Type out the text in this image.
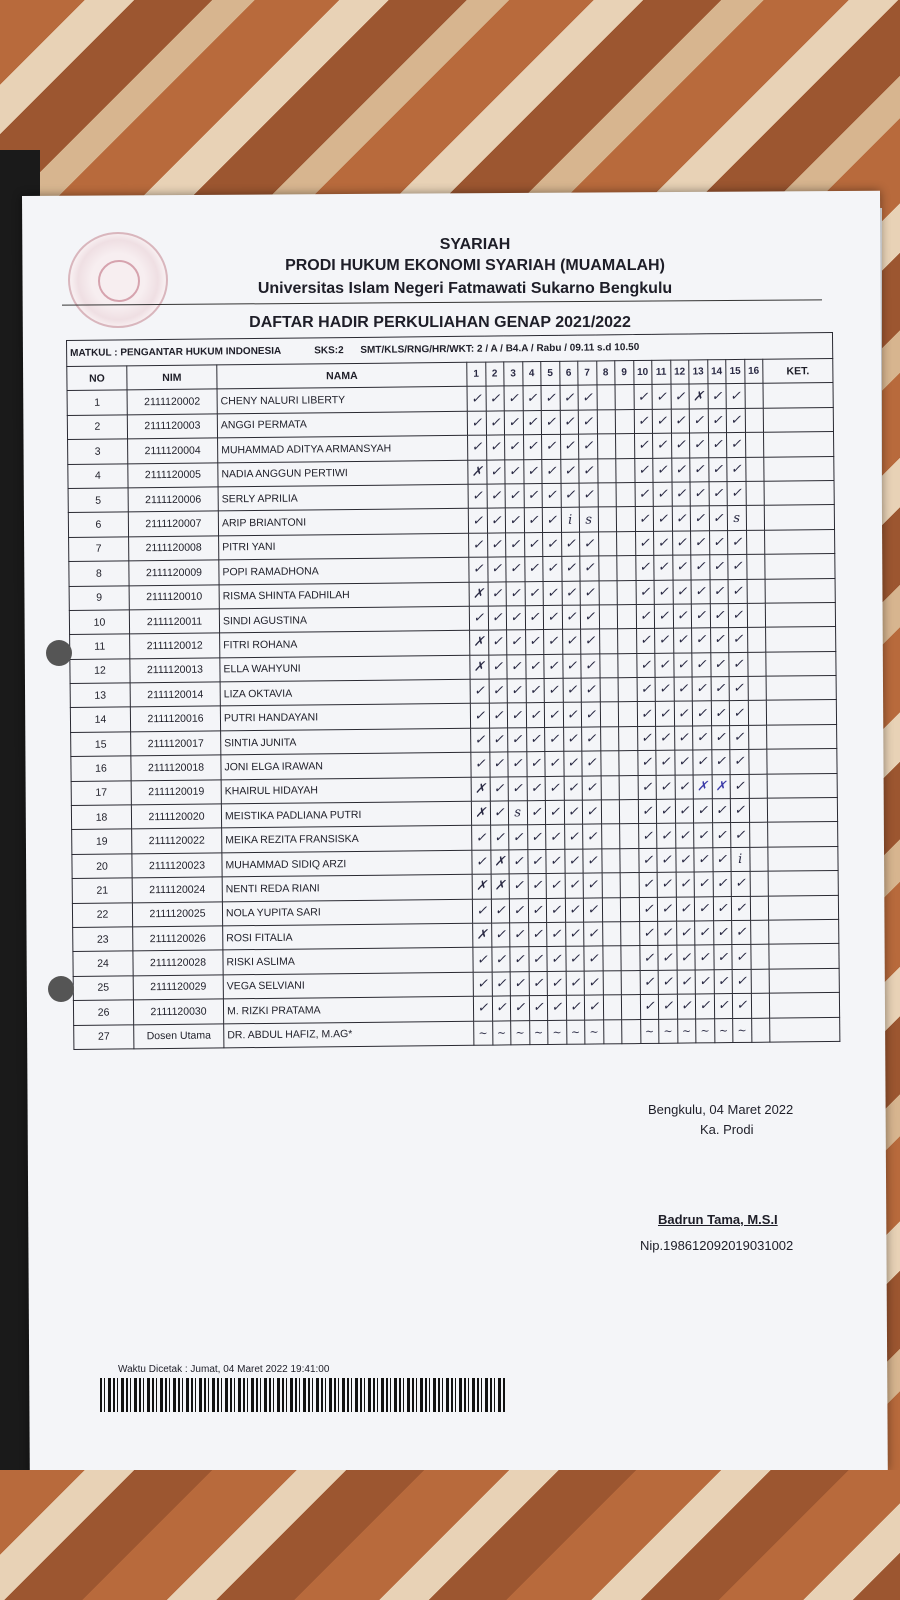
SYARIAH
PRODI HUKUM EKONOMI SYARIAH (MUAMALAH)
Universitas Islam Negeri Fatmawati Sukarno Bengkulu
DAFTAR HADIR PERKULIAHAN GENAP 2021/2022
MATKUL : PENGANTAR HUKUM INDONESIA SKS:2 SMT/KLS/RNG/HR/WKT: 2 / A / B4.A / Rabu / 09.11 s.d 10.50																			
NO	NIM	NAMA	1	2	3	4	5	6	7	8	9	10	11	12	13	14	15	16	KET.
1	2111120002	CHENY NALURI LIBERTY	✓	✓	✓	✓	✓	✓	✓			✓	✓	✓	✗	✓	✓		
2	2111120003	ANGGI PERMATA	✓	✓	✓	✓	✓	✓	✓			✓	✓	✓	✓	✓	✓		
3	2111120004	MUHAMMAD ADITYA ARMANSYAH	✓	✓	✓	✓	✓	✓	✓			✓	✓	✓	✓	✓	✓		
4	2111120005	NADIA ANGGUN PERTIWI	✗	✓	✓	✓	✓	✓	✓			✓	✓	✓	✓	✓	✓		
5	2111120006	SERLY APRILIA	✓	✓	✓	✓	✓	✓	✓			✓	✓	✓	✓	✓	✓		
6	2111120007	ARIP BRIANTONI	✓	✓	✓	✓	✓	i	s			✓	✓	✓	✓	✓	s		
7	2111120008	PITRI YANI	✓	✓	✓	✓	✓	✓	✓			✓	✓	✓	✓	✓	✓		
8	2111120009	POPI RAMADHONA	✓	✓	✓	✓	✓	✓	✓			✓	✓	✓	✓	✓	✓		
9	2111120010	RISMA SHINTA FADHILAH	✗	✓	✓	✓	✓	✓	✓			✓	✓	✓	✓	✓	✓		
10	2111120011	SINDI AGUSTINA	✓	✓	✓	✓	✓	✓	✓			✓	✓	✓	✓	✓	✓		
11	2111120012	FITRI ROHANA	✗	✓	✓	✓	✓	✓	✓			✓	✓	✓	✓	✓	✓		
12	2111120013	ELLA WAHYUNI	✗	✓	✓	✓	✓	✓	✓			✓	✓	✓	✓	✓	✓		
13	2111120014	LIZA OKTAVIA	✓	✓	✓	✓	✓	✓	✓			✓	✓	✓	✓	✓	✓		
14	2111120016	PUTRI HANDAYANI	✓	✓	✓	✓	✓	✓	✓			✓	✓	✓	✓	✓	✓		
15	2111120017	SINTIA JUNITA	✓	✓	✓	✓	✓	✓	✓			✓	✓	✓	✓	✓	✓		
16	2111120018	JONI ELGA IRAWAN	✓	✓	✓	✓	✓	✓	✓			✓	✓	✓	✓	✓	✓		
17	2111120019	KHAIRUL HIDAYAH	✗	✓	✓	✓	✓	✓	✓			✓	✓	✓	✗	✗	✓		
18	2111120020	MEISTIKA PADLIANA PUTRI	✗	✓	s	✓	✓	✓	✓			✓	✓	✓	✓	✓	✓		
19	2111120022	MEIKA REZITA FRANSISKA	✓	✓	✓	✓	✓	✓	✓			✓	✓	✓	✓	✓	✓		
20	2111120023	MUHAMMAD SIDIQ ARZI	✓	✗	✓	✓	✓	✓	✓			✓	✓	✓	✓	✓	i		
21	2111120024	NENTI REDA RIANI	✗	✗	✓	✓	✓	✓	✓			✓	✓	✓	✓	✓	✓		
22	2111120025	NOLA YUPITA SARI	✓	✓	✓	✓	✓	✓	✓			✓	✓	✓	✓	✓	✓		
23	2111120026	ROSI FITALIA	✗	✓	✓	✓	✓	✓	✓			✓	✓	✓	✓	✓	✓		
24	2111120028	RISKI ASLIMA	✓	✓	✓	✓	✓	✓	✓			✓	✓	✓	✓	✓	✓		
25	2111120029	VEGA SELVIANI	✓	✓	✓	✓	✓	✓	✓			✓	✓	✓	✓	✓	✓		
26	2111120030	M. RIZKI PRATAMA	✓	✓	✓	✓	✓	✓	✓			✓	✓	✓	✓	✓	✓		
27	Dosen Utama	DR. ABDUL HAFIZ, M.AG*	~	~	~	~	~	~	~			~	~	~	~	~	~		
Bengkulu, 04 Maret 2022
Ka. Prodi
Badrun Tama, M.S.I
Nip.198612092019031002
Waktu Dicetak : Jumat, 04 Maret 2022 19:41:00
